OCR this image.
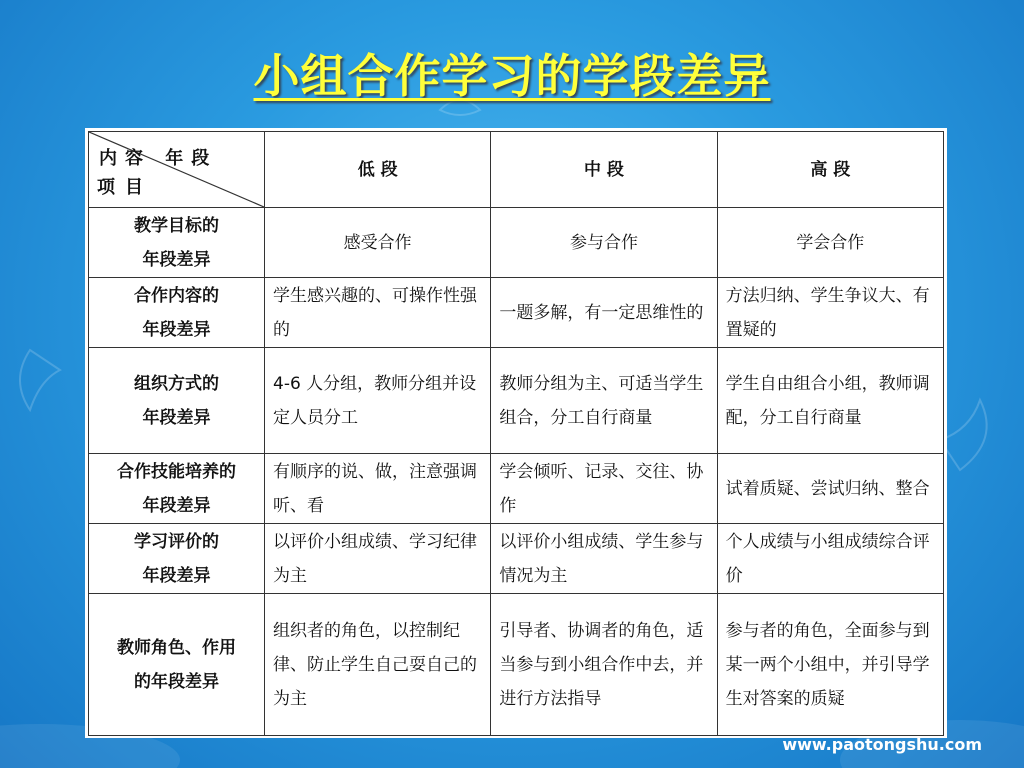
小组合作学习的学段差异
内容 年段
项目	低 段	中 段	高 段
教学目标的
年段差异	感受合作	参与合作	学会合作
合作内容的
年段差异	学生感兴趣的、可操作性强的	一题多解，有一定思维性的	方法归纳、学生争议大、有置疑的
组织方式的
年段差异	4-6 人分组，教师分组并设定人员分工	教师分组为主、可适当学生组合，分工自行商量	学生自由组合小组，教师调配，分工自行商量
合作技能培养的
年段差异	有顺序的说、做，注意强调听、看	学会倾听、记录、交往、协作	试着质疑、尝试归纳、整合
学习评价的
年段差异	以评价小组成绩、学习纪律为主	以评价小组成绩、学生参与情况为主	个人成绩与小组成绩综合评价
教师角色、作用
的年段差异	组织者的角色，以控制纪律、防止学生自己耍自己的为主	引导者、协调者的角色，适当参与到小组合作中去，并进行方法指导	参与者的角色，全面参与到某一两个小组中，并引导学生对答案的质疑
www.paotongshu.com
